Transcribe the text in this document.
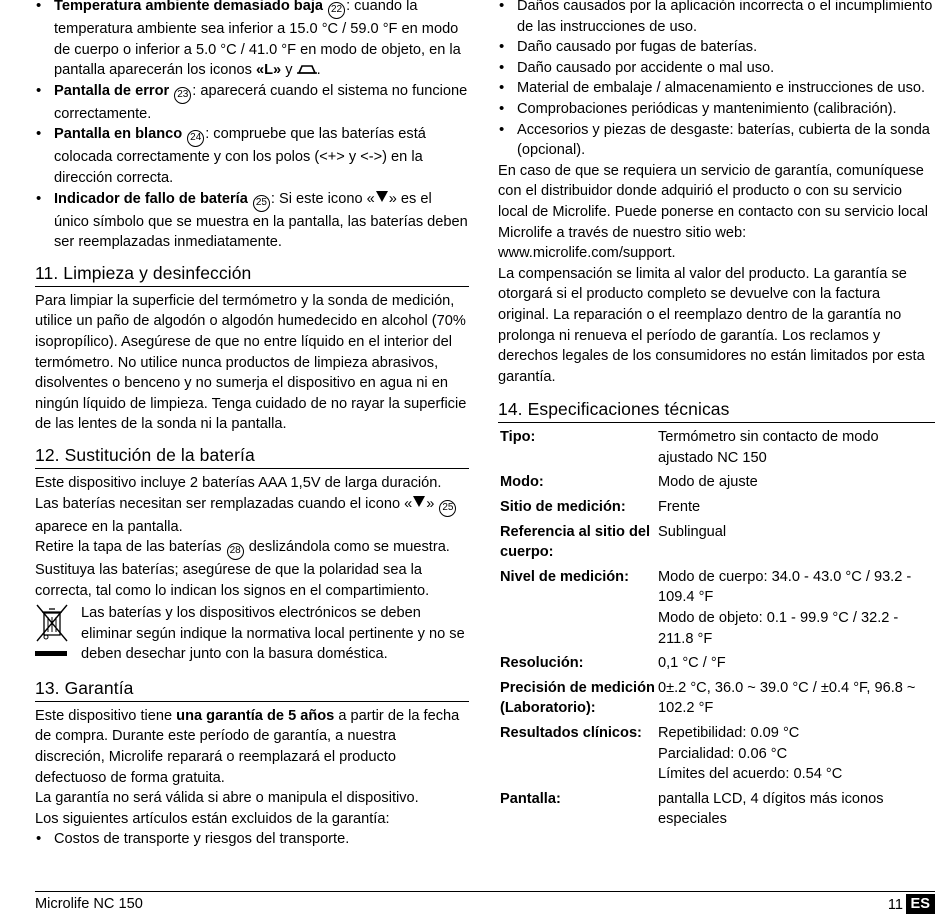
• Temperatura ambiente demasiado baja 22 : cuando la temperatura ambiente sea inferior a 15.0 °C / 59.0 °F en modo de cuerpo o inferior a 5.0 °C / 41.0 °F en modo de objeto, en la pantalla aparecerán los iconos «L» y .
• Pantalla de error 23 : aparecerá cuando el sistema no funcione correctamente.
• Pantalla en blanco 24 : compruebe que las baterías está colocada correctamente y con los polos (<+> y <->) en la dirección correcta.
• Indicador de fallo de batería 25 : Si este icono « » es el único símbolo que se muestra en la pantalla, las baterías deben ser reemplazadas inmediatamente.
11. Limpieza y desinfección

Para limpiar la superficie del termómetro y la sonda de medición, utilice un paño de algodón o algodón humedecido en alcohol (70% isopropílico). Asegúrese de que no entre líquido en el interior del termómetro. No utilice nunca productos de limpieza abrasivos, disolventes o benceno y no sumerja el dispositivo en agua ni en ningún líquido de limpieza. Tenga cuidado de no rayar la superficie de las lentes de la sonda ni la pantalla.

12. Sustitución de la batería

Este dispositivo incluye 2 baterías AAA 1,5V de larga duración. Las baterías necesitan ser remplazadas cuando el icono « » 25 aparece en la pantalla.

Retire la tapa de las baterías 28 deslizándola como se muestra. Sustituya las baterías; asegúrese de que la polaridad sea la correcta, tal como lo indican los signos en el compartimiento.

Las baterías y los dispositivos electrónicos se deben eliminar según indique la normativa local pertinente y no se deben desechar junto con la basura doméstica.
13. Garantía

Este dispositivo tiene una garantía de 5 años a partir de la fecha de compra. Durante este período de garantía, a nuestra discreción, Microlife reparará o reemplazará el producto defectuoso de forma gratuita.

La garantía no será válida si abre o manipula el dispositivo.

Los siguientes artículos están excluidos de la garantía:

• Costos de transporte y riesgos del transporte.
• Daños causados por la aplicación incorrecta o el incumplimiento de las instrucciones de uso.
• Daño causado por fugas de baterías.
• Daño causado por accidente o mal uso.
• Material de embalaje / almacenamiento e instrucciones de uso.
• Comprobaciones periódicas y mantenimiento (calibración).
• Accesorios y piezas de desgaste: baterías, cubierta de la sonda (opcional).

En caso de que se requiera un servicio de garantía, comuníquese con el distribuidor donde adquirió el producto o con su servicio local de Microlife. Puede ponerse en contacto con su servicio local Microlife a través de nuestro sitio web:

www.microlife.com/support.

La compensación se limita al valor del producto. La garantía se otorgará si el producto completo se devuelve con la factura original. La reparación o el reemplazo dentro de la garantía no prolonga ni renueva el período de garantía. Los reclamos y derechos legales de los consumidores no están limitados por esta garantía.

14. Especificaciones técnicas
Tipo:	Termómetro sin contacto de modo ajustado NC 150

Modo:	Modo de ajuste

Sitio de medición:	Frente

Referencia al sitio del cuerpo:	Sublingual

Nivel de medición:	Modo de cuerpo: 34.0 - 43.0 °C / 93.2 - 109.4 °F
Modo de objeto: 0.1 - 99.9 °C / 32.2 - 211.8 °F

Resolución:	0,1 °C / °F

Precisión de medición (Laboratorio):	0±.2 °C, 36.0 ~ 39.0 °C / ±0.4 °F, 96.8 ~ 102.2 °F

Resultados clínicos:	Repetibilidad: 0.09 °C
Parcialidad: 0.06 °C
Límites del acuerdo: 0.54 °C

Pantalla:	pantalla LCD, 4 dígitos más iconos especiales
Microlife NC 150	11 ES
